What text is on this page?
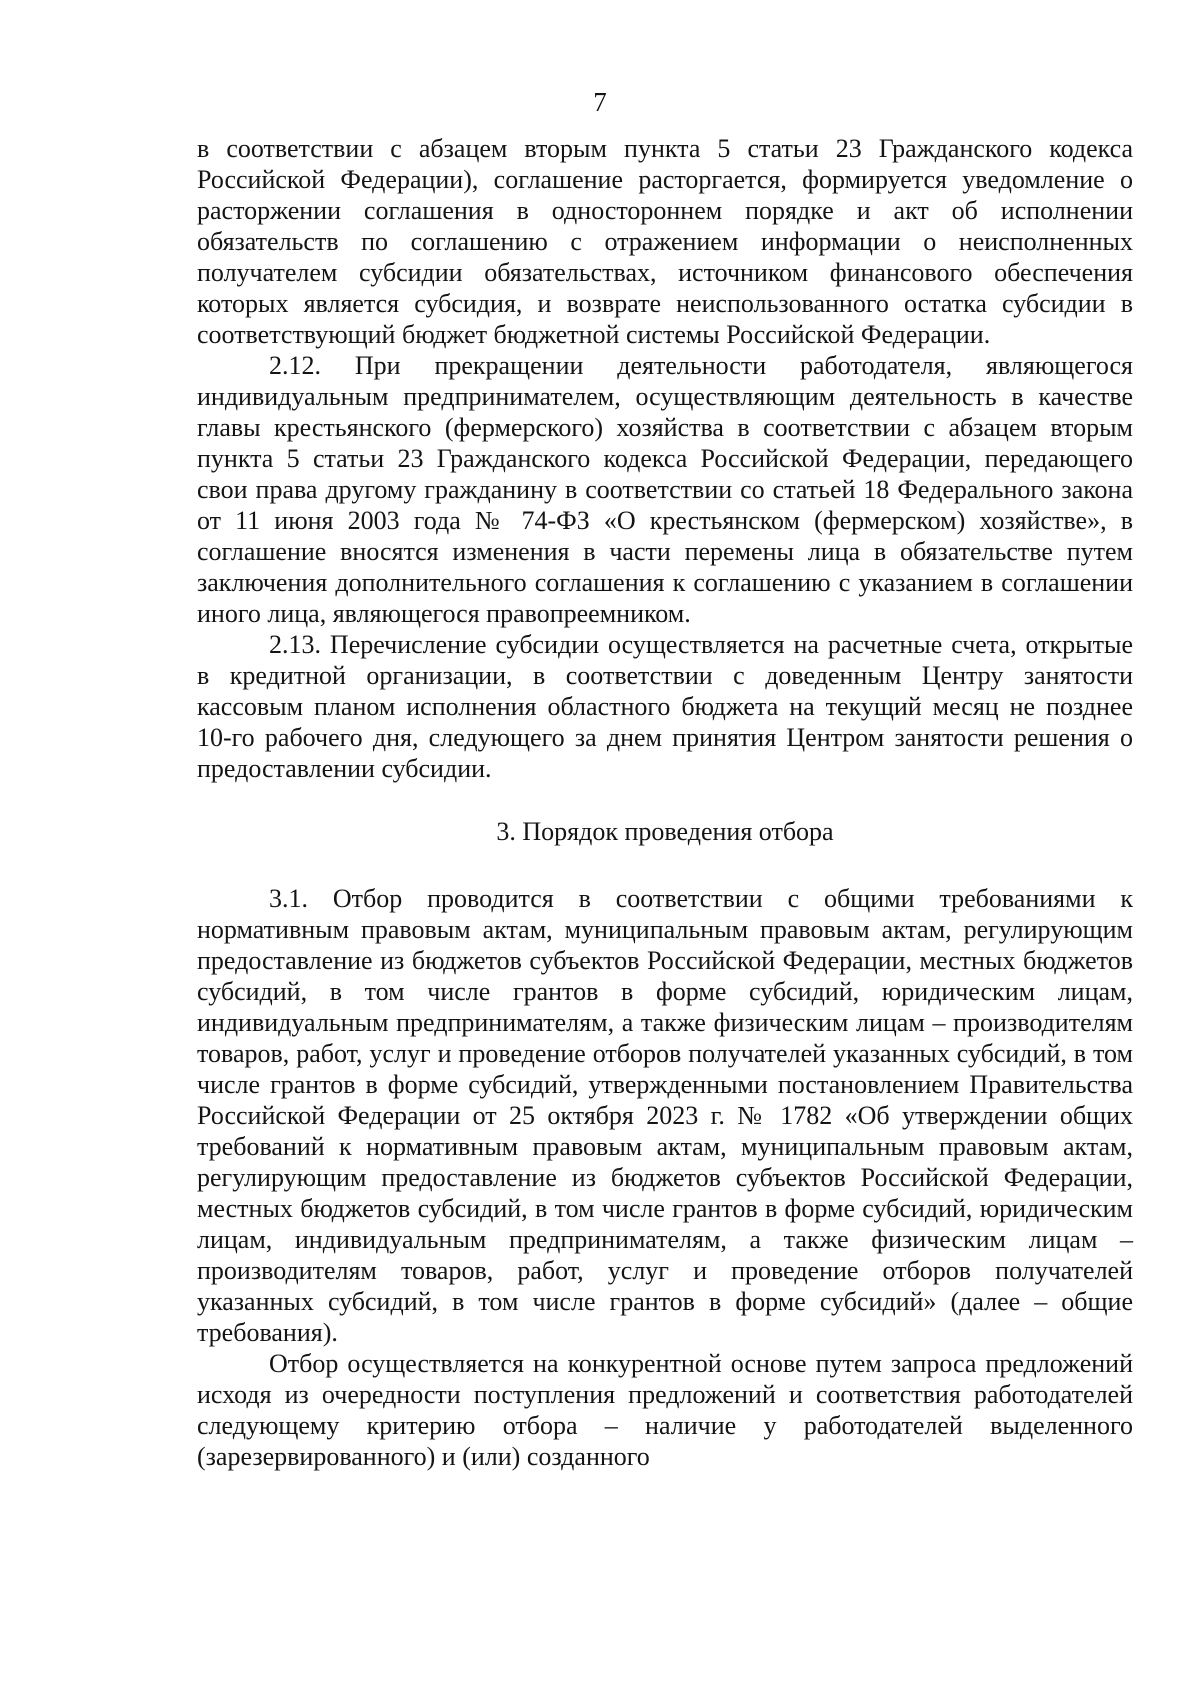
7

в соответствии с абзацем вторым пункта 5 статьи 23 Гражданского кодекса Российской Федерации), соглашение расторгается, формируется уведомление о расторжении соглашения в одностороннем порядке и акт об исполнении обязательств по соглашению с отражением информации о неисполненных получателем субсидии обязательствах, источником финансового обеспечения которых является субсидия, и возврате неиспользованного остатка субсидии в соответствующий бюджет бюджетной системы Российской Федерации.

2.12. При прекращении деятельности работодателя, являющегося индивидуальным предпринимателем, осуществляющим деятельность в качестве главы крестьянского (фермерского) хозяйства в соответствии с абзацем вторым пункта 5 статьи 23 Гражданского кодекса Российской Федерации, передающего свои права другому гражданину в соответствии со статьей 18 Федерального закона от 11 июня 2003 года № 74-ФЗ «О крестьянском (фермерском) хозяйстве», в соглашение вносятся изменения в части перемены лица в обязательстве путем заключения дополнительного соглашения к соглашению с указанием в соглашении иного лица, являющегося правопреемником.

2.13. Перечисление субсидии осуществляется на расчетные счета, открытые в кредитной организации, в соответствии с доведенным Центру занятости кассовым планом исполнения областного бюджета на текущий месяц не позднее 10-го рабочего дня, следующего за днем принятия Центром занятости решения о предоставлении субсидии.

3. Порядок проведения отбора

3.1. Отбор проводится в соответствии с общими требованиями к нормативным правовым актам, муниципальным правовым актам, регулирующим предоставление из бюджетов субъектов Российской Федерации, местных бюджетов субсидий, в том числе грантов в форме субсидий, юридическим лицам, индивидуальным предпринимателям, а также физическим лицам – производителям товаров, работ, услуг и проведение отборов получателей указанных субсидий, в том числе грантов в форме субсидий, утвержденными постановлением Правительства Российской Федерации от 25 октября 2023 г. № 1782 «Об утверждении общих требований к нормативным правовым актам, муниципальным правовым актам, регулирующим предоставление из бюджетов субъектов Российской Федерации, местных бюджетов субсидий, в том числе грантов в форме субсидий, юридическим лицам, индивидуальным предпринимателям, а также физическим лицам – производителям товаров, работ, услуг и проведение отборов получателей указанных субсидий, в том числе грантов в форме субсидий» (далее – общие требования).

Отбор осуществляется на конкурентной основе путем запроса предложений исходя из очередности поступления предложений и соответствия работодателей следующему критерию отбора – наличие у работодателей выделенного (зарезервированного) и (или) созданного
